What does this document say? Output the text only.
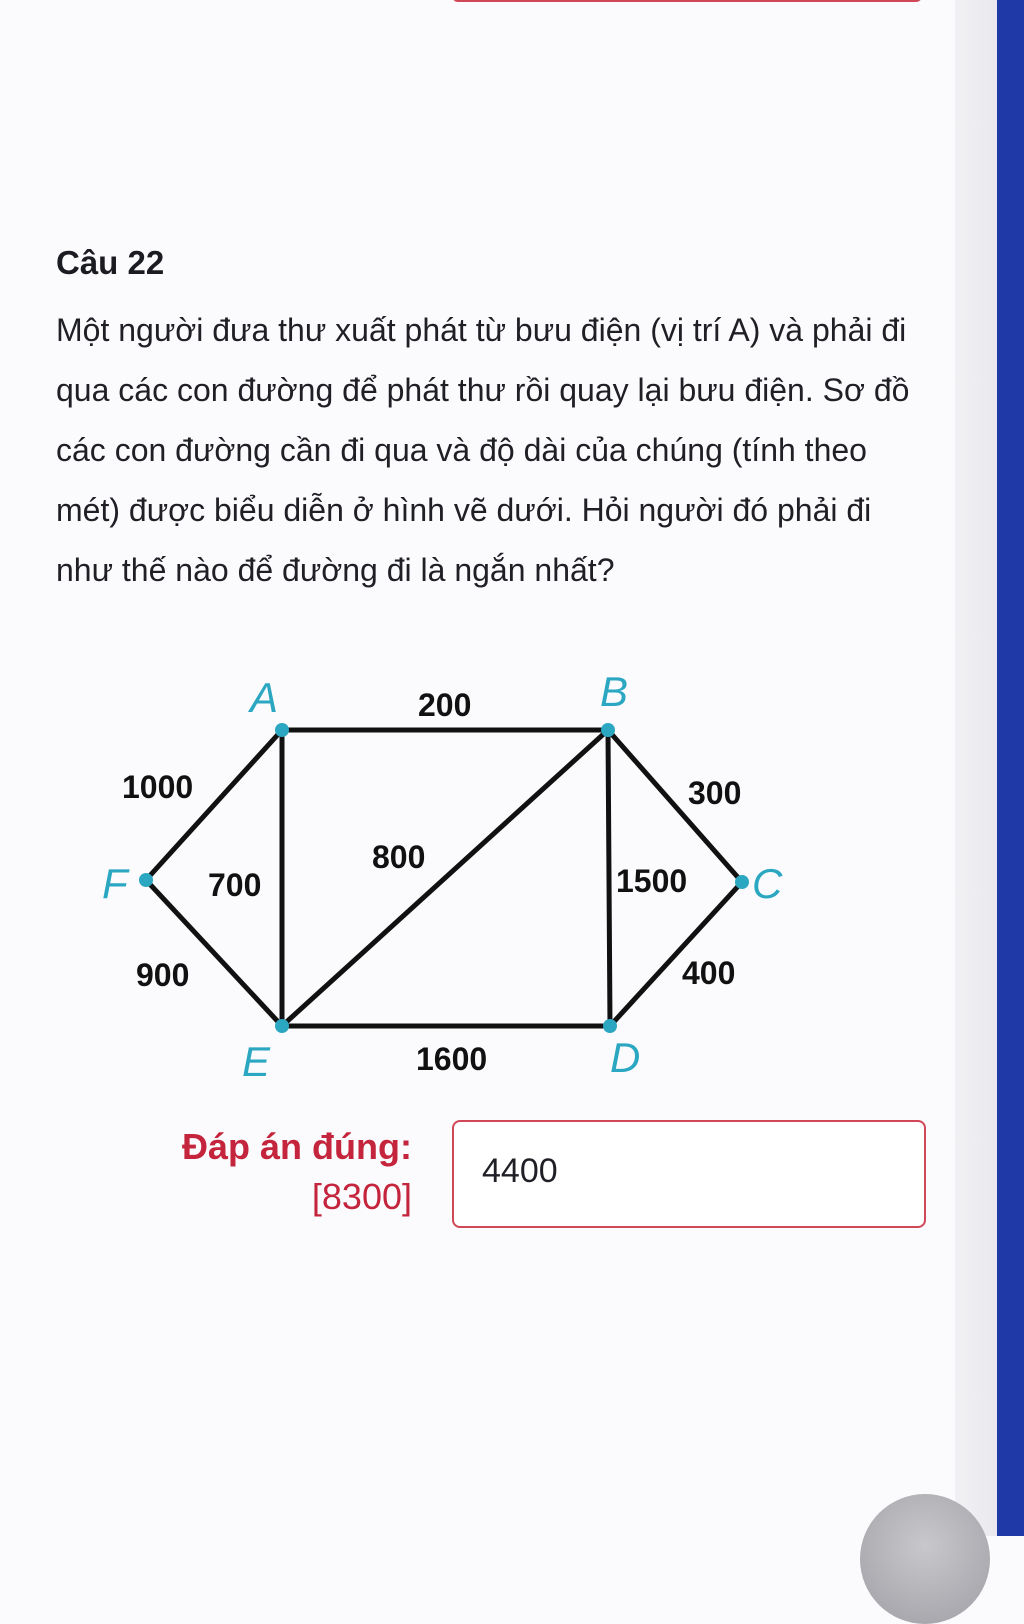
Câu 22
Một người đưa thư xuất phát từ bưu điện (vị trí A) và phải đi qua các con đường để phát thư rồi quay lại bưu điện. Sơ đồ các con đường cần đi qua và độ dài của chúng (tính theo mét) được biểu diễn ở hình vẽ dưới. Hỏi người đó phải đi như thế nào để đường đi là ngắn nhất?
200
1000
700
800
300
1500
400
900
1600
A	B
C
D
E
F
Đáp án đúng:
[8300]
4400
